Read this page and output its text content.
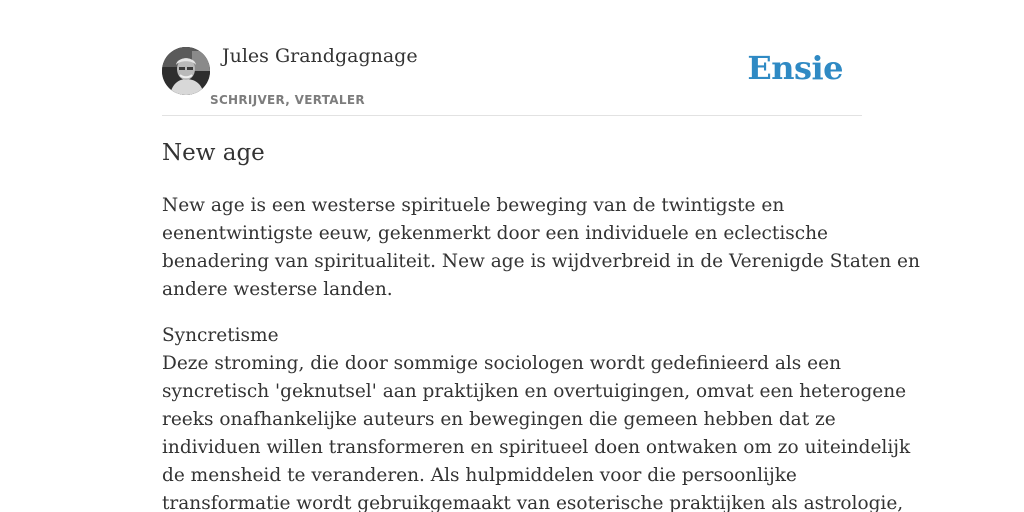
Jules Grandgagnage
SCHRIJVER, VERTALER
Ensie
New age

New age is een westerse spirituele beweging van de twintigste en
eenentwintigste eeuw, gekenmerkt door een individuele en eclectische
benadering van spiritualiteit. New age is wijdverbreid in de Verenigde Staten en
andere westerse landen.

Syncretisme
Deze stroming, die door sommige sociologen wordt gedefinieerd als een
syncretisch 'geknutsel' aan praktijken en overtuigingen, omvat een heterogene
reeks onafhankelijke auteurs en bewegingen die gemeen hebben dat ze
individuen willen transformeren en spiritueel doen ontwaken om zo uiteindelijk
de mensheid te veranderen. Als hulpmiddelen voor die persoonlijke
transformatie wordt gebruikgemaakt van esoterische praktijken als astrologie,
